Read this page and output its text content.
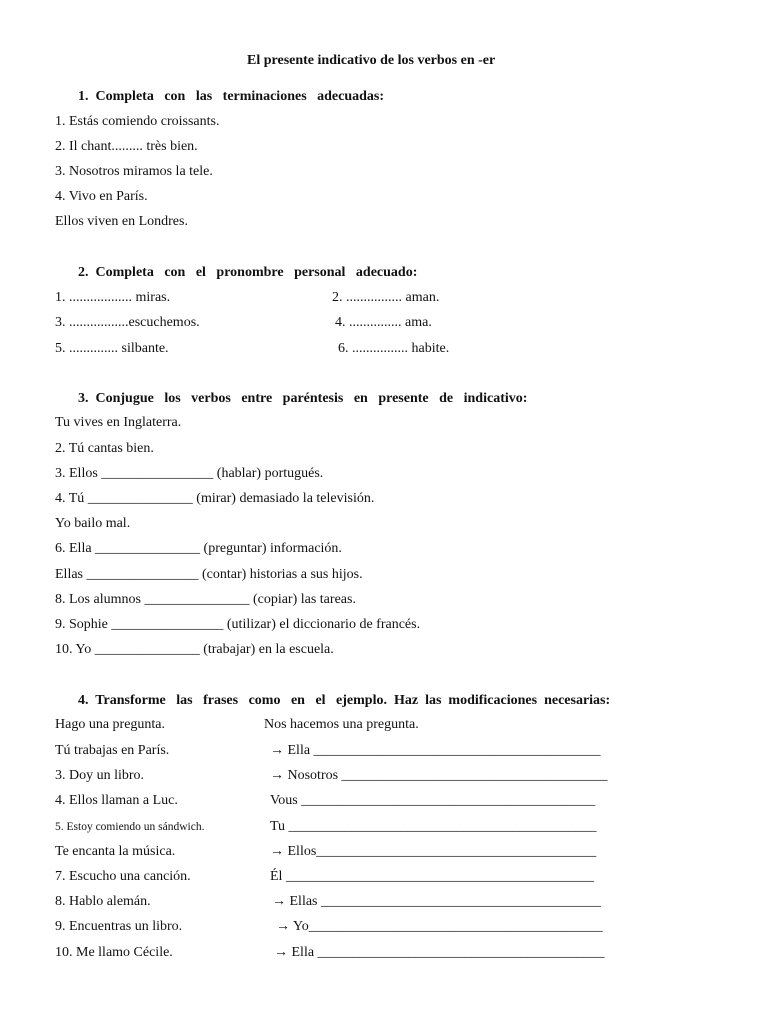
El presente indicativo de los verbos en -er
1.  Completa   con   las   terminaciones   adecuadas:
1. Estás comiendo croissants.
2. Il chant......... très bien.
3. Nosotros miramos la tele.
4. Vivo en París.
Ellos viven en Londres.
2.  Completa   con   el   pronombre   personal   adecuado:
1. .................. miras.
3. .................escuchemos.
5. .............. silbante.
2. ................ aman.
4. ............... ama.
6. ................ habite.
3.  Conjugue   los   verbos   entre   paréntesis   en   presente   de   indicativo:
Tu vives en Inglaterra.
2. Tú cantas bien.
3. Ellos ________________ (hablar) portugués.
4. Tú _______________ (mirar) demasiado la televisión.
Yo bailo mal.
6. Ella _______________ (preguntar) información.
Ellas ________________ (contar) historias a sus hijos.
8. Los alumnos _______________ (copiar) las tareas.
9. Sophie ________________ (utilizar) el diccionario de francés.
10. Yo _______________ (trabajar) en la escuela.
4.  Transforme   las   frases   como   en   el   ejemplo.  Haz  las  modificaciones  necesarias:
Hago una pregunta.
Tú trabajas en París.
3. Doy un libro.
4. Ellos llaman a Luc.
5. Estoy comiendo un sándwich.
Te encanta la música.
7. Escucho una canción.
8. Hablo alemán.
9. Encuentras un libro.
10. Me llamo Cécile.
Nos hacemos una pregunta.
→ Ella _________________________________________
→ Nosotros ______________________________________
Vous __________________________________________
Tu ____________________________________________
→ Ellos________________________________________
Él ____________________________________________
→ Ellas ________________________________________
→ Yo__________________________________________
→ Ella _________________________________________
